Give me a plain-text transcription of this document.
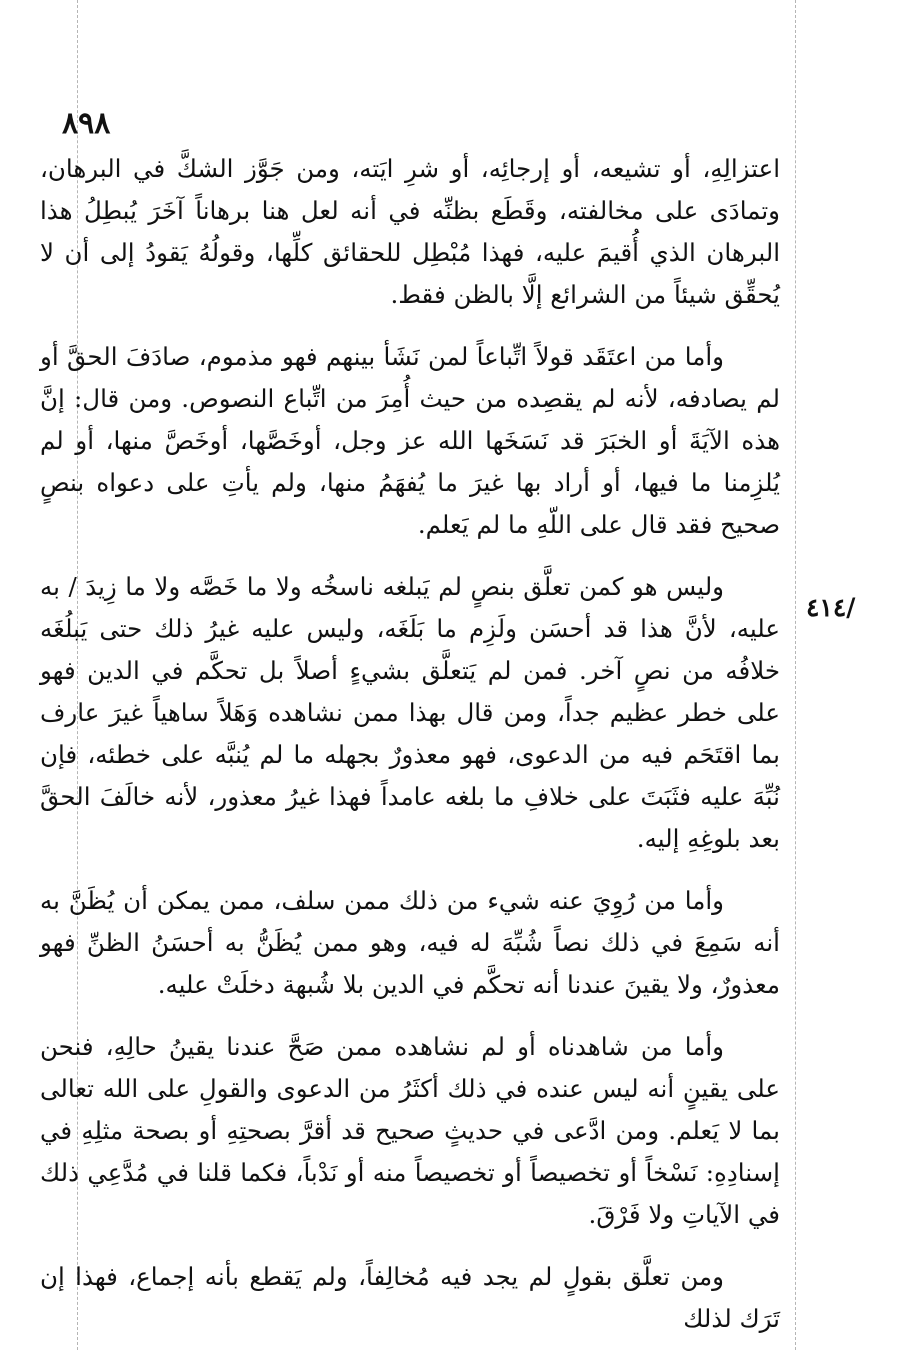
٨٩٨
/٤١٤

اعتزالِهِ، أو تشيعه، أو إرجائِه، أو شرِ ايَته، ومن جَوَّز الشكَّ في البرهان، وتمادَى على مخالفته، وقَطَع بظنِّه في أنه لعل هنا برهاناً آخَرَ يُبطِلُ هذا البرهان الذي أُقيمَ عليه، فهذا مُبْطِل للحقائق كلِّها، وقولُهُ يَقودُ إلى أن لا يُحقِّق شيئاً من الشرائع إلَّا بالظن فقط.

وأما من اعتَقَد قولاً اتِّباعاً لمن نَشَأ بينهم فهو مذموم، صادَفَ الحقَّ أو لم يصادفه، لأنه لم يقصِده من حيث أُمِرَ من اتِّباع النصوص. ومن قال: إنَّ هذه الآيَةَ أو الخبَرَ قد نَسَخَها الله عز وجل، أوخَصَّها، أوخَصَّ منها، أو لم يُلزِمنا ما فيها، أو أراد بها غيرَ ما يُفهَمُ منها، ولم يأتِ على دعواه بنصٍ صحيح فقد قال على اللّهِ ما لم يَعلم.

وليس هو كمن تعلَّق بنصٍ لم يَبلغه ناسخُه ولا ما خَصَّه ولا ما زِيدَ / به عليه، لأنَّ هذا قد أحسَن ولَزِم ما بَلَغَه، وليس عليه غيرُ ذلك حتى يَبلُغَه خلافُه من نصٍ آخر. فمن لم يَتعلَّق بشيءٍ أصلاً بل تحكَّم في الدين فهو على خطر عظيم جداً، ومن قال بهذا ممن نشاهده وَهَلاً ساهياً غيرَ عارف بما اقتَحَم فيه من الدعوى، فهو معذورٌ بجهله ما لم يُنبَّه على خطئه، فإن نُبِّهَ عليه فثَبَتَ على خلافِ ما بلغه عامداً فهذا غيرُ معذور، لأنه خالَفَ الحقَّ بعد بلوغِهِ إليه.

وأما من رُوِيَ عنه شيء من ذلك ممن سلف، ممن يمكن أن يُظَنَّ به أنه سَمِعَ في ذلك نصاً شُبِّهَ له فيه، وهو ممن يُظَنُّ به أحسَنُ الظنِّ فهو معذورٌ، ولا يقينَ عندنا أنه تحكَّم في الدين بلا شُبهة دخلَتْ عليه.

وأما من شاهدناه أو لم نشاهده ممن صَحَّ عندنا يقينُ حالِهِ، فنحن على يقينٍ أنه ليس عنده في ذلك أكثَرُ من الدعوى والقولِ على الله تعالى بما لا يَعلم. ومن ادَّعى في حديثٍ صحيح قد أقرَّ بصحتِهِ أو بصحة مثلِهِ في إسنادِهِ: نَسْخاً أو تخصيصاً أو تخصيصاً منه أو نَدْباً، فكما قلنا في مُدَّعِي ذلك في الآياتِ ولا فَرْقَ.

ومن تعلَّق بقولٍ لم يجد فيه مُخالِفاً، ولم يَقطع بأنه إجماع، فهذا إن تَرَك لذلك
